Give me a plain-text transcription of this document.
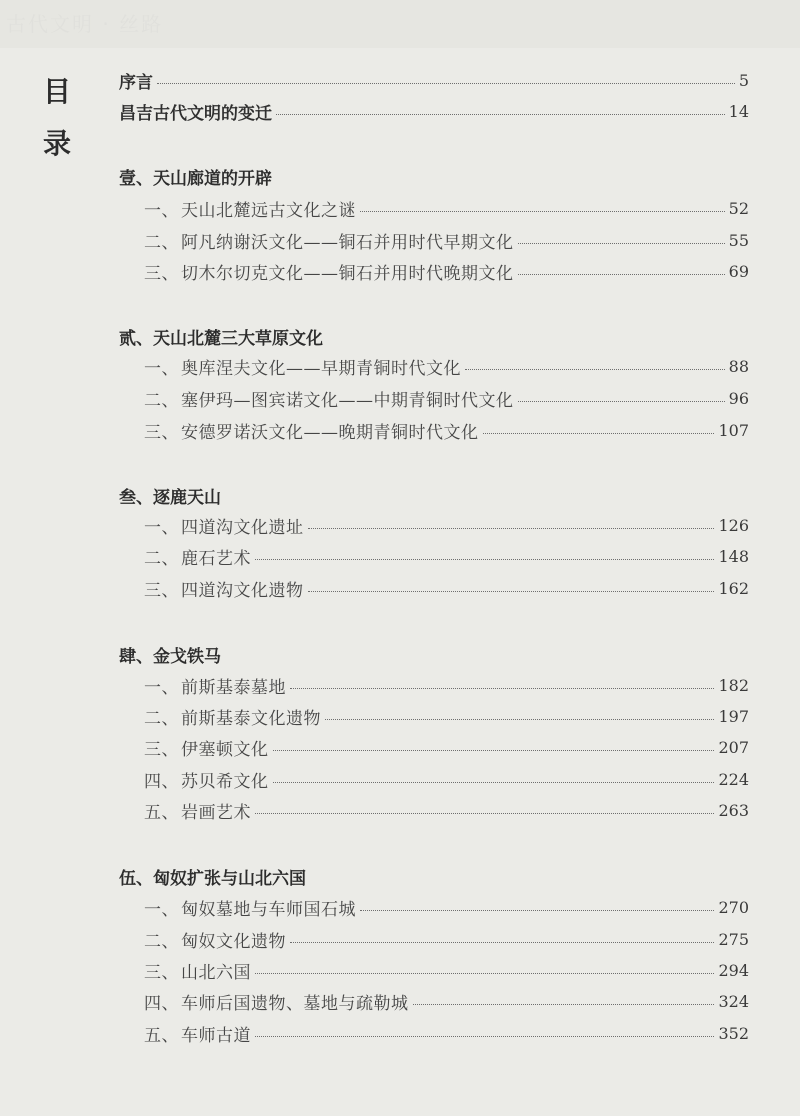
古代文明 · 丝路
目
录
序言	5
昌吉古代文明的变迁	14
壹、天山廊道的开辟
一、 天山北麓远古文化之谜	52
二、 阿凡纳谢沃文化——铜石并用时代早期文化	55
三、 切木尔切克文化——铜石并用时代晚期文化	69
贰、天山北麓三大草原文化
一、 奥库涅夫文化——早期青铜时代文化	88
二、 塞伊玛—图宾诺文化——中期青铜时代文化	96
三、 安德罗诺沃文化——晚期青铜时代文化	107
叁、逐鹿天山
一、 四道沟文化遗址	126
二、 鹿石艺术	148
三、 四道沟文化遗物	162
肆、金戈铁马
一、 前斯基泰墓地	182
二、 前斯基泰文化遗物	197
三、 伊塞顿文化	207
四、 苏贝希文化	224
五、 岩画艺术	263
伍、匈奴扩张与山北六国
一、 匈奴墓地与车师国石城	270
二、 匈奴文化遗物	275
三、 山北六国	294
四、 车师后国遗物、墓地与疏勒城	324
五、 车师古道	352
